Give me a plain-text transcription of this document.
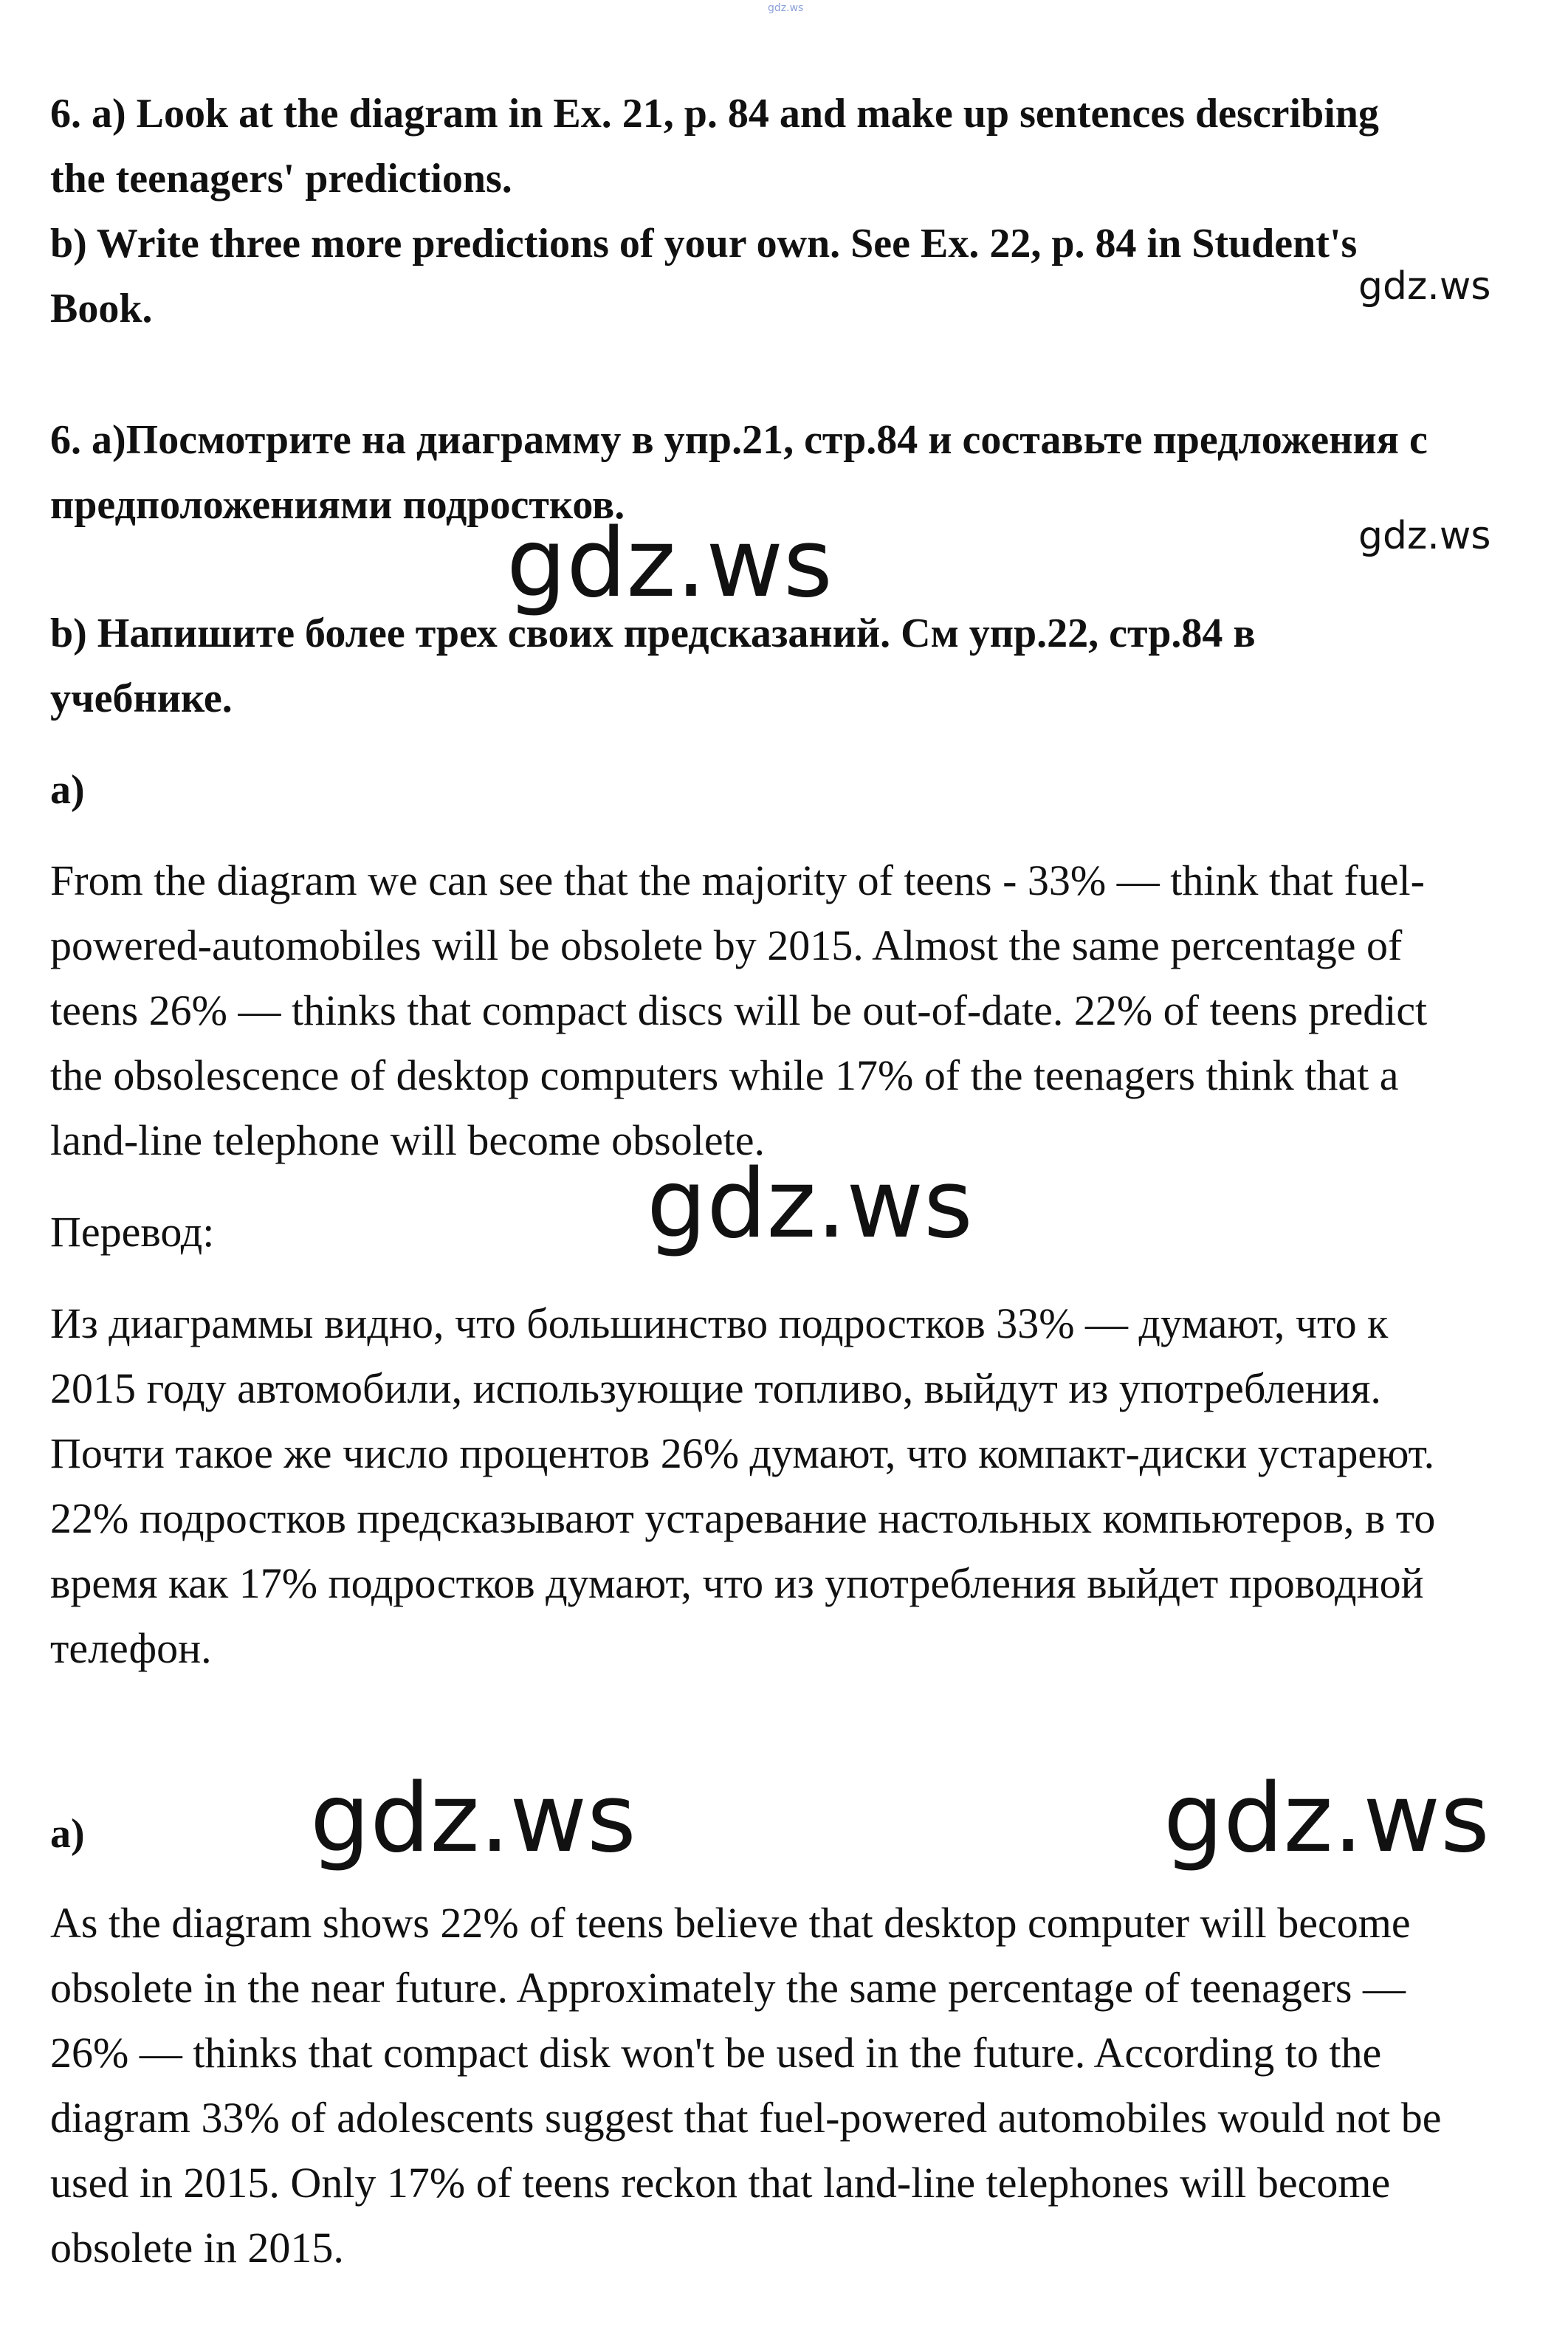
gdz.ws
6. a) Look at the diagram in Ex. 21, p. 84 and make up sentences describing
the teenagers' predictions.
b) Write three more predictions of your own. See Ex. 22, p. 84 in Student's
Book.	gdz.ws
6. a)Посмотрите на диаграмму в упр.21, стр.84 и составьте предложения с
предположениями подростков.
gdz.ws
gdz.ws
b) Напишите более трех своих предсказаний. См упр.22, стр.84 в
учебнике.
a)
From the diagram we can see that the majority of teens - 33% — think that fuel-
powered-automobiles will be obsolete by 2015. Almost the same percentage of
teens 26% — thinks that compact discs will be out-of-date. 22% of teens predict
the obsolescence of desktop computers while 17% of the teenagers think that a
land-line telephone will become obsolete.
gdz.ws
Перевод:
Из диаграммы видно, что большинство подростков 33% — думают, что к
2015 году автомобили, использующие топливо, выйдут из употребления.
Почти такое же число процентов 26% думают, что компакт-диски устареют.
22% подростков предсказывают устаревание настольных компьютеров, в то
время как 17% подростков думают, что из употребления выйдет проводной
телефон.
a) gdz.ws	gdz.ws
As the diagram shows 22% of teens believe that desktop computer will become
obsolete in the near future. Approximately the same percentage of teenagers —
26% — thinks that compact disk won't be used in the future. According to the
diagram 33% of adolescents suggest that fuel-powered automobiles would not be
used in 2015. Only 17% of teens reckon that land-line telephones will become
obsolete in 2015.
